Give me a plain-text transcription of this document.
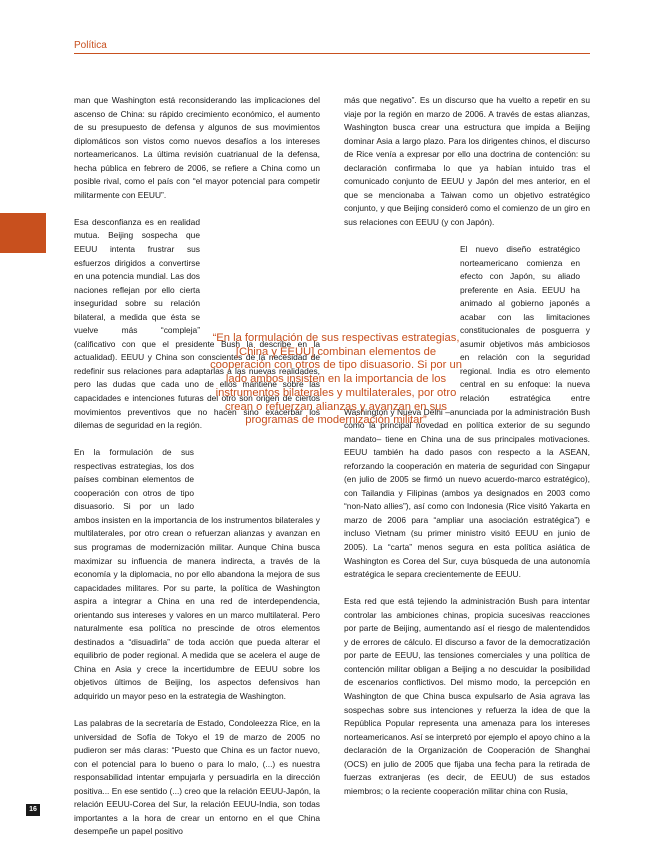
Política

man que Washington está reconsiderando las implicaciones del ascenso de China: su rápido crecimiento económico, el aumento de su presupuesto de defensa y algunos de sus movimientos diplomáticos son vistos como nuevos desafíos a los intereses norteamericanos. La última revisión cuatrianual de la defensa, hecha pública en febrero de 2006, se refiere a China como un posible rival, como el país con “el mayor potencial para competir militarmente con EEUU”.

Esa desconfianza es en realidad mutua. Beijing sospecha que EEUU intenta frustrar sus esfuerzos dirigidos a convertirse en una potencia mundial. Las dos naciones reflejan por ello cierta inseguridad sobre su relación bilateral, a medida que ésta se vuelve más “compleja” (calificativo con que el presidente Bush la describe en la actualidad). EEUU y China son conscientes de la necesidad de redefinir sus relaciones para adaptarlas a las nuevas realidades, pero las dudas que cada uno de ellos mantiene sobre las capacidades e intenciones futuras del otro son origen de ciertos movimientos preventivos que no hacen sino exacerbar los dilemas de seguridad en la región.

En la formulación de sus respectivas estrategias, los dos países combinan elementos de cooperación con otros de tipo disuasorio. Si por un lado ambos insisten en la importancia de los instrumentos bilaterales y multilaterales, por otro crean o refuerzan alianzas y avanzan en sus programas de modernización militar. Aunque China busca maximizar su influencia de manera indirecta, a través de la economía y la diplomacia, no por ello abandona la mejora de sus capacidades militares. Por su parte, la política de Washington aspira a integrar a China en una red de interdependencia, orientando sus intereses y valores en un marco multilateral. Pero naturalmente esa política no prescinde de otros elementos destinados a “disuadirla” de toda acción que pueda alterar el equilibrio de poder regional. A medida que se acelera el auge de China en Asia y crece la incertidumbre de EEUU sobre los objetivos últimos de Beijing, los aspectos defensivos han adquirido un mayor peso en la estrategia de Washington.

Las palabras de la secretaría de Estado, Condoleezza Rice, en la universidad de Sofía de Tokyo el 19 de marzo de 2005 no pudieron ser más claras: “Puesto que China es un factor nuevo, con el potencial para lo bueno o para lo malo, (...) es nuestra responsabilidad intentar empujarla y persuadirla en la dirección positiva... En ese sentido (...) creo que la relación EEUU-Japón, la relación EEUU-Corea del Sur, la relación EEUU-India, son todas importantes a la hora de crear un entorno en el que China desempeñe un papel positivo

más que negativo”. Es un discurso que ha vuelto a repetir en su viaje por la región en marzo de 2006. A través de estas alianzas, Washington busca crear una estructura que impida a Beijing dominar Asia a largo plazo. Para los dirigentes chinos, el discurso de Rice venía a expresar por ello una doctrina de contención: su declaración confirmaba lo que ya habían intuido tras el comunicado conjunto de EEUU y Japón del mes anterior, en el que se mencionaba a Taiwan como un objetivo estratégico conjunto, y que Beijing consideró como el comienzo de un giro en sus relaciones con EEUU (y con Japón).

El nuevo diseño estratégico norteamericano comienza en efecto con Japón, su aliado preferente en Asia. EEUU ha animado al gobierno japonés a acabar con las limitaciones constitucionales de posguerra y asumir objetivos más ambiciosos en relación con la seguridad regional. India es otro elemento central en su enfoque: la nueva relación estratégica entre Washington y Nueva Delhi –anunciada por la administración Bush como la principal novedad en política exterior de su segundo mandato– tiene en China una de sus principales motivaciones. EEUU también ha dado pasos con respecto a la ASEAN, reforzando la cooperación en materia de seguridad con Singapur (en julio de 2005 se firmó un nuevo acuerdo-marco estratégico), con Tailandia y Filipinas (ambos ya designados en 2003 como “non-Nato allies”), así como con Indonesia (Rice visitó Yakarta en marzo de 2006 para “ampliar una asociación estratégica”) e incluso Vietnam (su primer ministro visitó EEUU en junio de 2005). La “carta” menos segura en esta política asiática de Washington es Corea del Sur, cuya búsqueda de una autonomía estratégica le separa crecientemente de EEUU.

Esta red que está tejiendo la administración Bush para intentar controlar las ambiciones chinas, propicia sucesivas reacciones por parte de Beijing, aumentando así el riesgo de malentendidos y de errores de cálculo. El discurso a favor de la democratización por parte de EEUU, las tensiones comerciales y una política de contención militar obligan a Beijing a no descuidar la posibilidad de escenarios conflictivos. Del mismo modo, la percepción en Washington de que China busca expulsarlo de Asia agrava las sospechas sobre sus intenciones y refuerza la idea de que la República Popular representa una amenaza para los intereses norteamericanos. Así se interpretó por ejemplo el apoyo chino a la declaración de la Organización de Cooperación de Shanghai (OCS) en julio de 2005 que fijaba una fecha para la retirada de fuerzas extranjeras (es decir, de EEUU) de sus estados miembros; o la reciente cooperación militar china con Rusia,

“En la formulación de sus respectivas estrategias, [China y EEUU] combinan elementos de cooperación con otros de tipo disuasorio. Si por un lado ambos insisten en la importancia de los instrumentos bilaterales y multilaterales, por otro crean o refuerzan alianzas y avanzan en sus programas de modernización militar”
16
